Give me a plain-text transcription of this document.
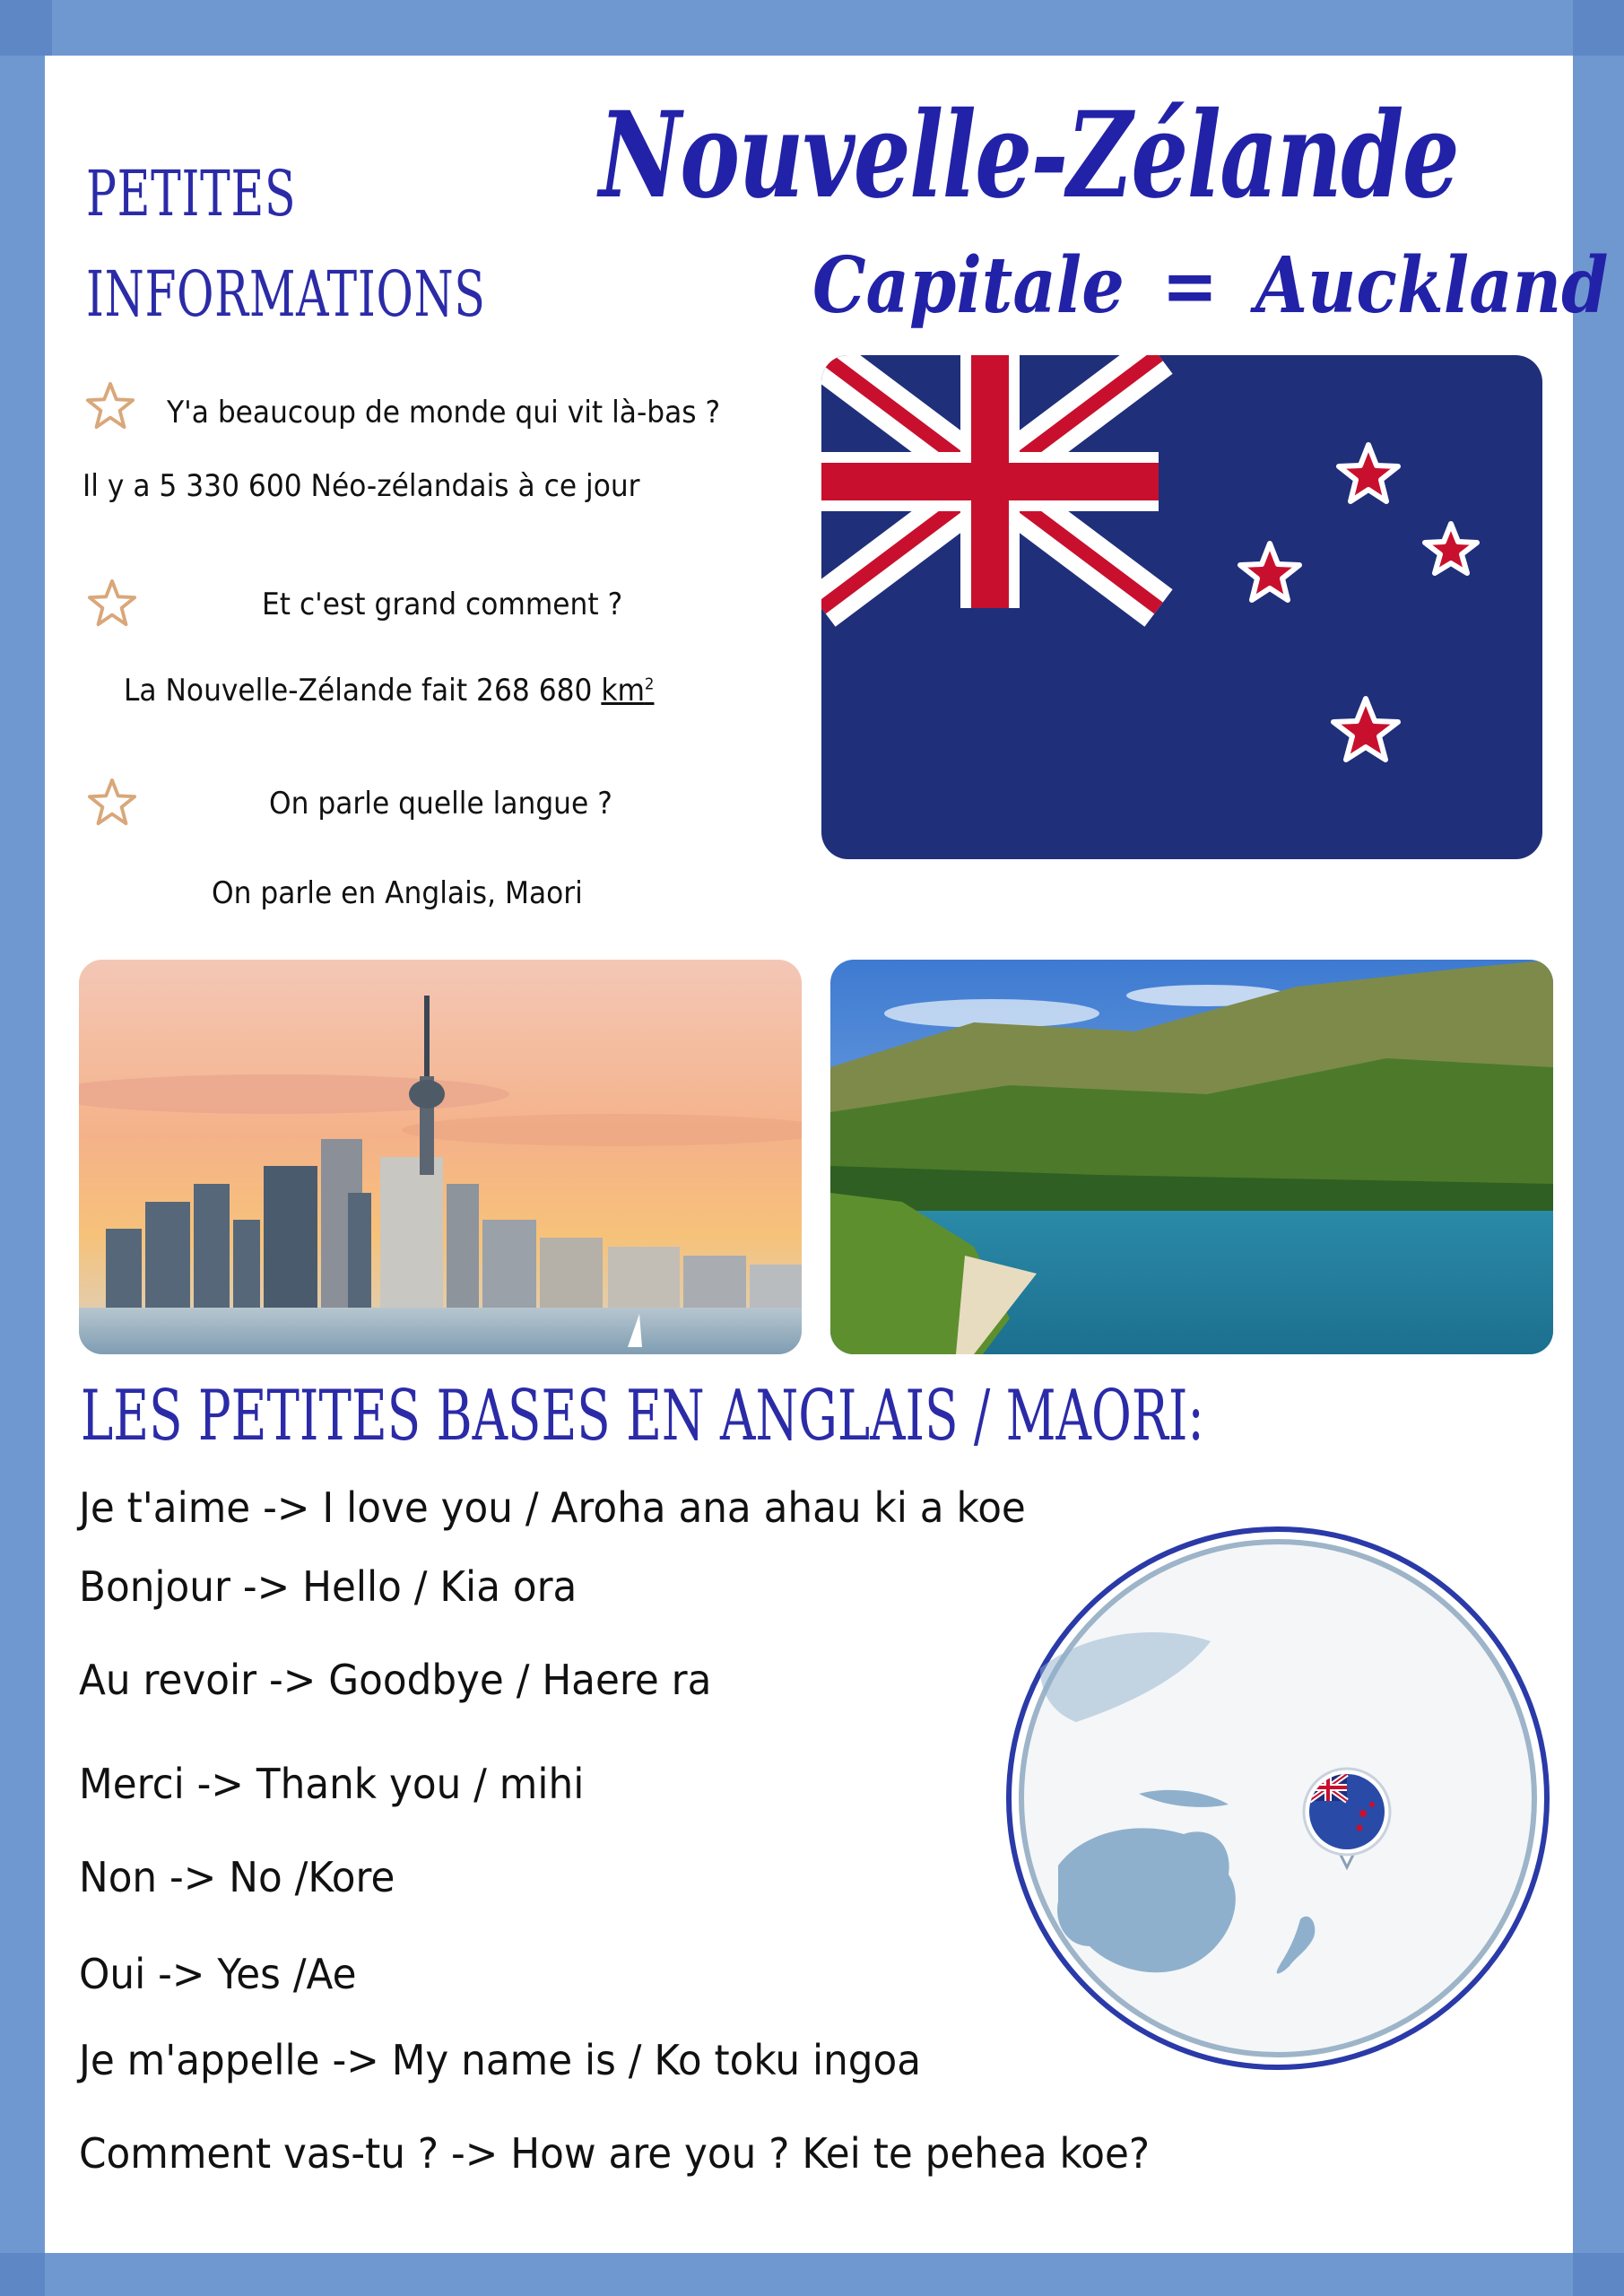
PETITES
INFORMATIONS
Nouvelle-Zélande
Capitale = Auckland
Y'a beaucoup de monde qui vit là-bas ?
Il y a 5 330 600 Néo-zélandais à ce jour
Et c'est grand comment ?
La Nouvelle-Zélande fait 268 680 $km^2$
On parle quelle langue ?
On parle en Anglais, Maori
LES PETITES BASES EN ANGLAIS / MAORI:
Je t'aime -> I love you / Aroha ana ahau ki a koe
Bonjour -> Hello / Kia ora
Au revoir -> Goodbye / Haere ra
Merci -> Thank you / mihi
Non -> No /Kore
Oui -> Yes /Ae
Je m'appelle -> My name is / Ko toku ingoa
Comment vas-tu ? -> How are you ? Kei te pehea koe?
